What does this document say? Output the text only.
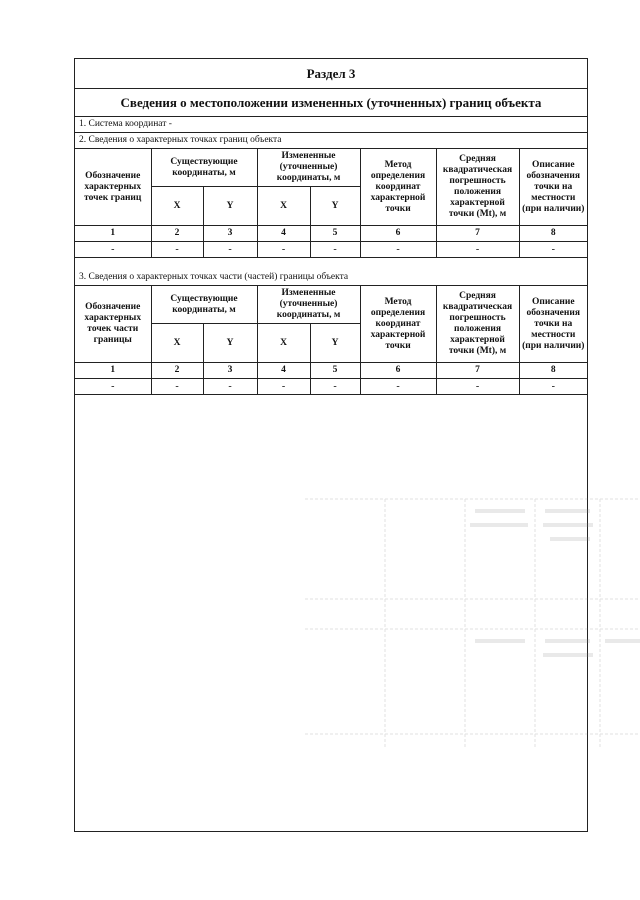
Раздел 3
Сведения о местоположении измененных (уточненных) границ объекта
1. Система координат -
2. Сведения о характерных точках границ объекта
Обозначение характерных точек границ	Существующие координаты, м		Измененные (уточненные) координаты, м		Метод определения координат характерной точки	Средняя квадратическая погрешность положения характерной точки (Mt), м	Описание обозначения точки на местности (при наличии)
	X	Y	X	Y			
1	2	3	4	5	6	7	8
-	-	-	-	-	-	-	-
3. Сведения о характерных точках части (частей) границы объекта
Обозначение характерных точек части границы	Существующие координаты, м		Измененные (уточненные) координаты, м		Метод определения координат характерной точки	Средняя квадратическая погрешность положения характерной точки (Mt), м	Описание обозначения точки на местности (при наличии)
	X	Y	X	Y			
1	2	3	4	5	6	7	8
-	-	-	-	-	-	-	-
